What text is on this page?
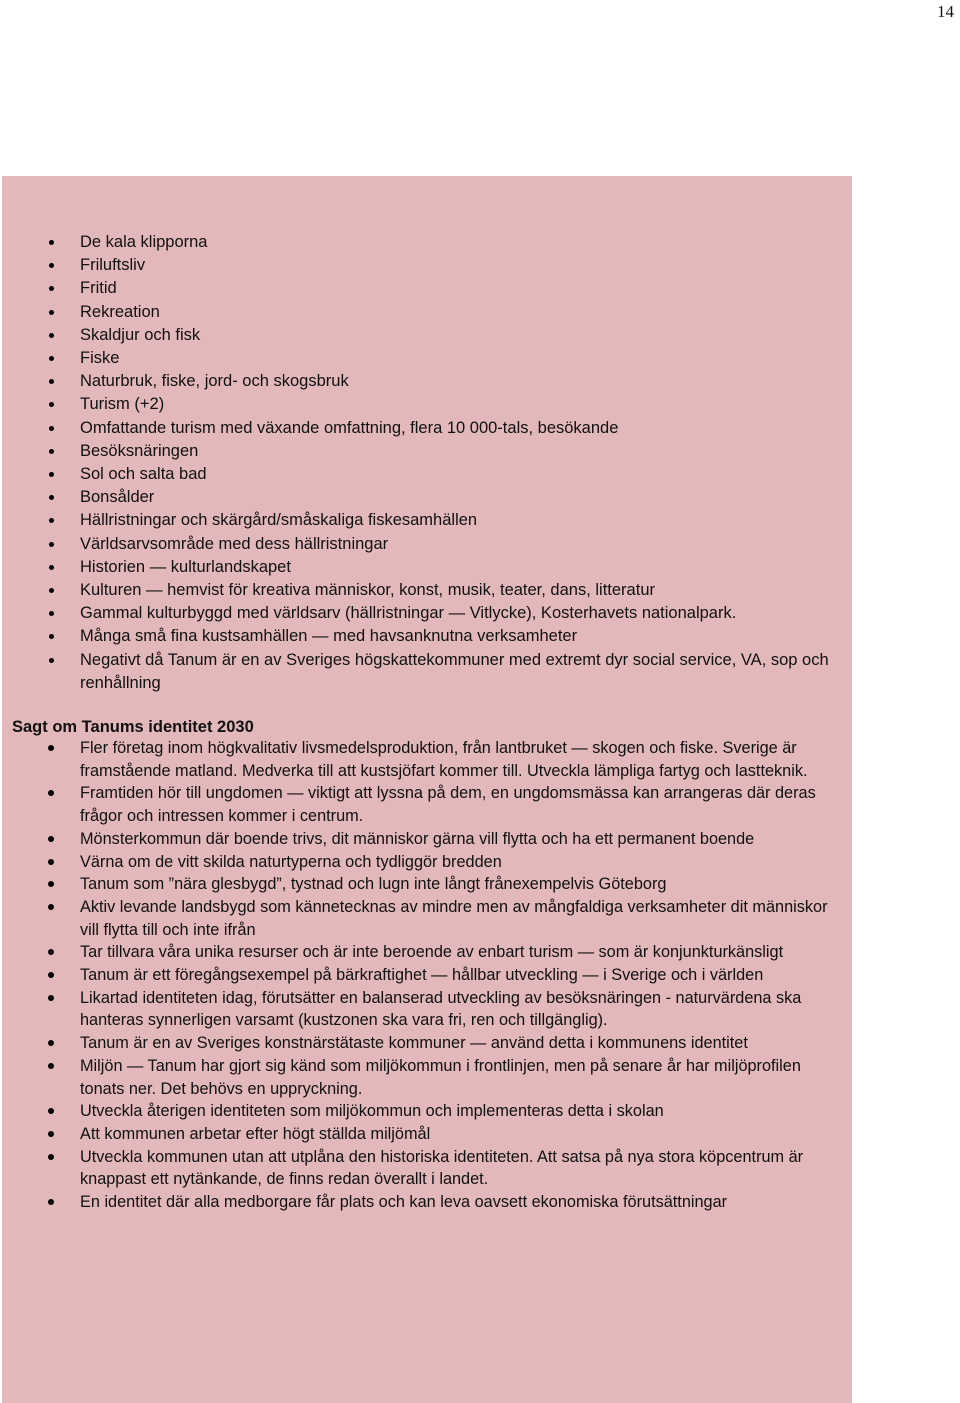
14
De kala klipporna
Friluftsliv
Fritid
Rekreation
Skaldjur och fisk
Fiske
Naturbruk, fiske, jord- och skogsbruk
Turism (+2)
Omfattande turism med växande omfattning, flera 10 000-tals, besökande
Besöksnäringen
Sol och salta bad
Bonsålder
Hällristningar och skärgård/småskaliga fiskesamhällen
Världsarvsområde med dess hällristningar
Historien — kulturlandskapet
Kulturen — hemvist för kreativa människor, konst, musik, teater, dans, litteratur
Gammal kulturbyggd med världsarv (hällristningar — Vitlycke), Kosterhavets nationalpark.
Många små fina kustsamhällen — med havsanknutna verksamheter
Negativt då Tanum är en av Sveriges högskattekommuner med extremt dyr social service, VA, sop och renhållning
Sagt om Tanums identitet 2030
Fler företag inom högkvalitativ livsmedelsproduktion, från lantbruket — skogen och fiske. Sverige är framstående matland. Medverka till att kustsjöfart kommer till. Utveckla lämpliga fartyg och lastteknik.
Framtiden hör till ungdomen — viktigt att lyssna på dem, en ungdomsmässa kan arrangeras där deras frågor och intressen kommer i centrum.
Mönsterkommun där boende trivs, dit människor gärna vill flytta och ha ett permanent boende
Värna om de vitt skilda naturtyperna och tydliggör bredden
Tanum som ”nära glesbygd”, tystnad och lugn inte långt frånexempelvis Göteborg
Aktiv levande landsbygd som kännetecknas av mindre men av mångfaldiga verksamheter dit människor vill flytta till och inte ifrån
Tar tillvara våra unika resurser och är inte beroende av enbart turism — som är konjunkturkänsligt
Tanum är ett föregångsexempel på bärkraftighet — hållbar utveckling — i Sverige och i världen
Likartad identiteten idag, förutsätter en balanserad utveckling av besöksnäringen - naturvärdena ska hanteras synnerligen varsamt (kustzonen ska vara fri, ren och tillgänglig).
Tanum är en av Sveriges konstnärstätaste kommuner — använd detta i kommunens identitet
Miljön — Tanum har gjort sig känd som miljökommun i frontlinjen, men på senare år har miljöprofilen tonats ner. Det behövs en uppryckning.
Utveckla återigen identiteten som miljökommun och implementeras detta i skolan
Att kommunen arbetar efter högt ställda miljömål
Utveckla kommunen utan att utplåna den historiska identiteten. Att satsa på nya stora köpcentrum är knappast ett nytänkande, de finns redan överallt i landet.
En identitet där alla medborgare får plats och kan leva oavsett ekonomiska förutsättningar
